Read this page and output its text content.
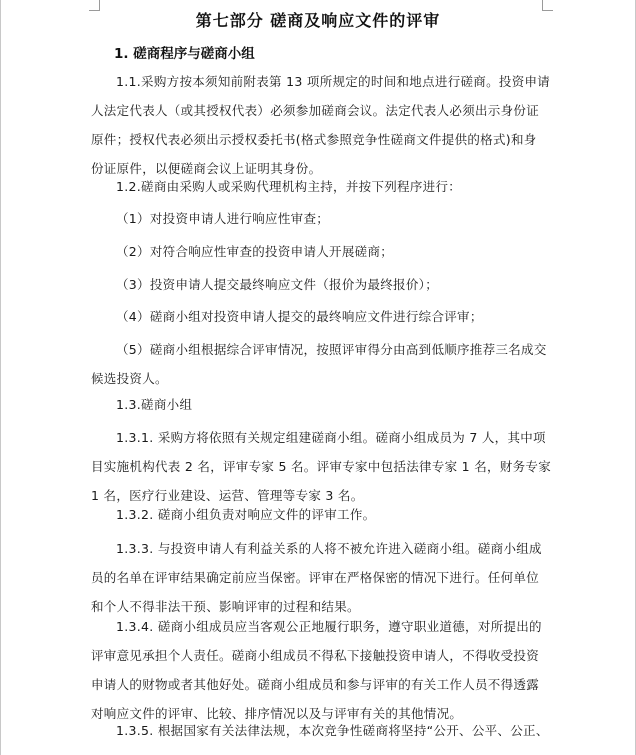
第七部分 磋商及响应文件的评审
1. 磋商程序与磋商小组
1.1.采购方按本须知前附表第 13 项所规定的时间和地点进行磋商。投资申请
人法定代表人（或其授权代表）必须参加磋商会议。法定代表人必须出示身份证
原件；授权代表必须出示授权委托书(格式参照竞争性磋商文件提供的格式)和身
份证原件，以便磋商会议上证明其身份。
1.2.磋商由采购人或采购代理机构主持，并按下列程序进行：
（1）对投资申请人进行响应性审查；
（2）对符合响应性审查的投资申请人开展磋商；
（3）投资申请人提交最终响应文件（报价为最终报价）；
（4）磋商小组对投资申请人提交的最终响应文件进行综合评审；
（5）磋商小组根据综合评审情况，按照评审得分由高到低顺序推荐三名成交
候选投资人。
1.3.磋商小组
1.3.1. 采购方将依照有关规定组建磋商小组。磋商小组成员为 7 人，其中项
目实施机构代表 2 名，评审专家 5 名。评审专家中包括法律专家 1 名，财务专家
1 名，医疗行业建设、运营、管理等专家 3 名。
1.3.2. 磋商小组负责对响应文件的评审工作。
1.3.3. 与投资申请人有利益关系的人将不被允许进入磋商小组。磋商小组成
员的名单在评审结果确定前应当保密。评审在严格保密的情况下进行。任何单位
和个人不得非法干预、影响评审的过程和结果。
1.3.4. 磋商小组成员应当客观公正地履行职务，遵守职业道德，对所提出的
评审意见承担个人责任。磋商小组成员不得私下接触投资申请人，不得收受投资
申请人的财物或者其他好处。磋商小组成员和参与评审的有关工作人员不得透露
对响应文件的评审、比较、排序情况以及与评审有关的其他情况。
1.3.5. 根据国家有关法律法规，本次竞争性磋商将坚持“公开、公平、公正、
